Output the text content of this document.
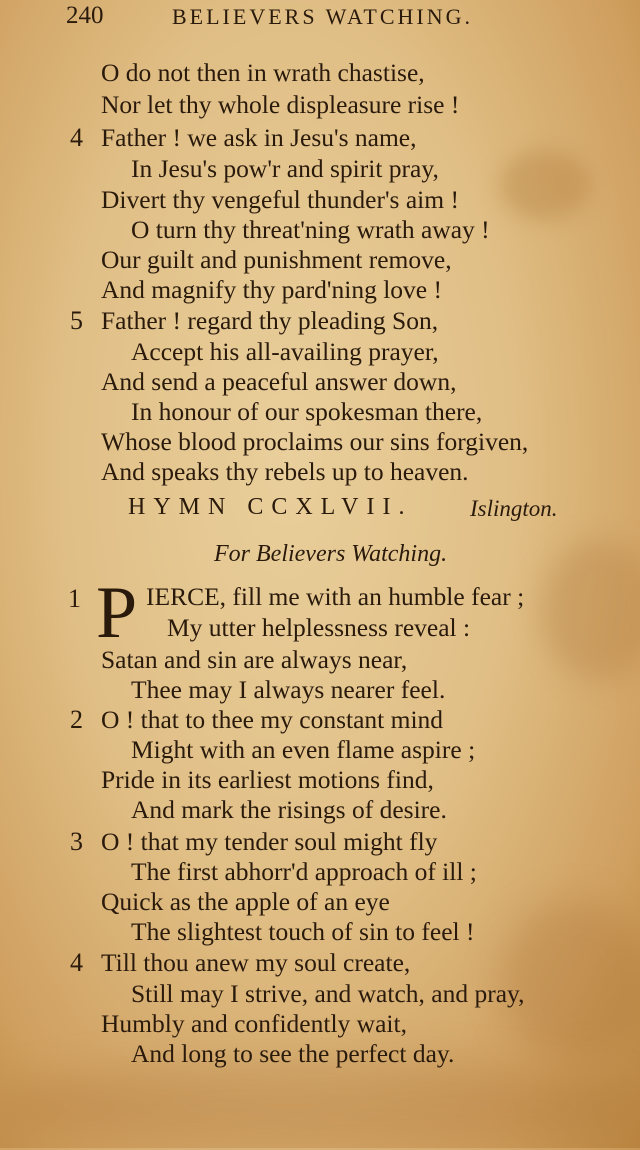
240	BELIEVERS WATCHING.
O do not then in wrath chastise,
Nor let thy whole displeasure rise !
4 Father ! we ask in Jesu's name,
In Jesu's pow'r and spirit pray,
Divert thy vengeful thunder's aim !
O turn thy threat'ning wrath away !
Our guilt and punishment remove,
And magnify thy pard'ning love !
5 Father ! regard thy pleading Son,
Accept his all-availing prayer,
And send a peaceful answer down,
In honour of our spokesman there,
Whose blood proclaims our sins forgiven,
And speaks thy rebels up to heaven.
HYMN CCXLVII.	Islington.
For Believers Watching.
1 P IERCE, fill me with an humble fear ;
My utter helplessness reveal :
Satan and sin are always near,
Thee may I always nearer feel.
2 O ! that to thee my constant mind
Might with an even flame aspire ;
Pride in its earliest motions find,
And mark the risings of desire.
3 O ! that my tender soul might fly
The first abhorr'd approach of ill ;
Quick as the apple of an eye
The slightest touch of sin to feel !
4 Till thou anew my soul create,
Still may I strive, and watch, and pray,
Humbly and confidently wait,
And long to see the perfect day.
